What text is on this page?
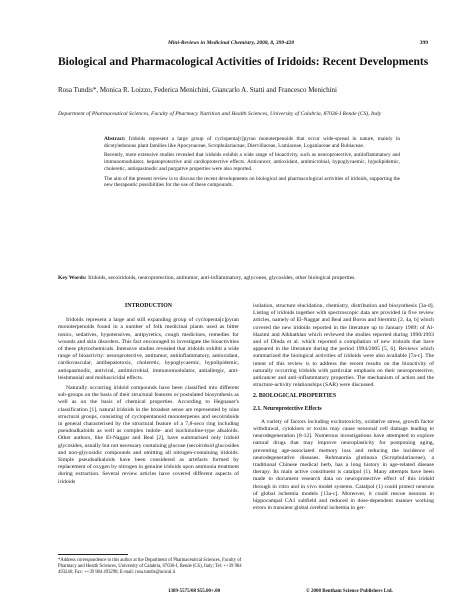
Mini-Reviews in Medicinal Chemistry, 2008, 8, 399-420	399
Biological and Pharmacological Activities of Iridoids: Recent Developments
Rosa Tundis*, Monica R. Loizzo, Federica Menichini, Giancarlo A. Statti and Francesco Menichini
Department of Pharmaceutical Sciences, Faculty of Pharmacy Nutrition and Health Sciences, University of Calabria, 87036-I Rende (CS), Italy

Abstract: Iridoids represent a large group of cyclopenta[c]pyran monoterpenoids that occur wide-spread in nature, mainly in dicotyledonous plant families like Apocynaceae, Scrophulariaceae, Diervillaceae, Lamiaceae, Loganiaceae and Rubiaceae.

Recently, more extensive studies revealed that iridoids exhibit a wide range of bioactivity, such as neuroprotective, antiinflammatory and immunomodulator, hepatoprotective and cardioprotective effects. Anticancer, antioxidant, antimicrobial, hypoglycaemic, hypolipidemic, choleretic, antispasmodic and purgative properties were also reported.

The aim of the present review is to discuss the recent developments on biological and pharmacological activities of iridoids, supporting the new therapeutic possibilities for the use of these compounds.

Key Words: Iridoids, secoiridoids, neuroprotection, antitumor, anti-inflammatory, aglycones, glycosides, other biological properties.

INTRODUCTION

Iridoids represent a large and still expanding group of cyclopenta[c]pyran monoterpenoids found in a number of folk medicinal plants used as bitter tonics, sedatives, hypotensives, antipyretics, cough medicines, remedies for wounds and skin disorders. This fact encouraged to investigate the bioactivities of these phytochemicals. Intensive studies revealed that iridoids exhibit a wide range of bioactivity: neuroprotective, antitumor, antiinflammatory, antioxidant, cardiovascular, antihepatotoxic, choleretic, hypoglycaemic, hypolipidemic, antispasmodic, antiviral, antimicrobial, immunomodulator, antiallergic, anti-leishmanial and molluscicidal effects.

Naturally occurring iridoid compounds have been classified into different sub-groups on the basis of their structural features or postulated biosynthesis as well as on the basis of chemical properties. According to Hegnauer's classification [1], natural iridoids in the broadest sense are represented by nine structural groups, consisting of cyclopentanoid monoterpenes and secoiridoids in general characterised by the structural feature of a 7,8-seco ring including pseudoalkaloids as well as complex indole- and isochinoline-type alkaloids. Other authors, like El-Naggar and Beal [2], have summarised only iridoid glycosides, usually but not necessary containing glucose (secoiridoid glucosides and non-glycosidic compounds and omitting all nitrogen-containing iridoids. Simple pseudoalkaloids have been considered as artefacts formed by replacement of oxygen by nitrogen in genuine iridoids upon ammonia treatment during extraction. Several review articles have covered different aspects of iridoids

isolation, structure elucidation, chemistry, distribution and biosynthesis [3a-d]. Listing of iridoids together with spectroscopic data are provided in five review articles, namely of El-Naggar and Beal and Boros and Stermitz [2, 4a, b] which covered the new iridoids reported in the literature up to January 1989; of Al-Hazimi and Alkhathlan which reviewed the studies reported during 1990/1993 and of Dinda et al. which reported a compilation of new iridoids that have appeared in the literature during the period 1994/2005 [5, 6]. Reviews which summarized the biological activities of iridoids were also available [7a-c]. The intent of this review is to address the recent results on the bioactivity of naturally occurring iridoids with particular emphasis on their neuroprotective, anticancer and anti-inflammatory properties. The mechanism of action and the structure-activity relationships (SAR) were discussed.

2. BIOLOGICAL PROPERTIES
2.1. Neuroprotective Effects

A variety of factors including excitotoxicity, oxidative stress, growth factor withdrawal, cytokines or toxins may cause neuronal cell damage leading to neurodegeneration [8-12]. Numerous investigations have attempted to explore natural drugs that may improve neuroplasticity for postponing aging, preventing age-associated memory loss and reducing the incidence of neurodegenerative diseases. Rehmannia glutinosa (Scrophulariaceae), a traditional Chinese medical herb, has a long history in age-related disease therapy. Its main active constituent is catalpol (1). Many attempts have been made to document research data on neuroprotective effect of this iridoid through in vitro and in vivo model systems. Catalpol (1) could protect neurons of global ischemia models [13a-c]. Moreover, it could rescue neurons in hippocampal CA1 subfield and reduced in dose-dependent manner working errors in transient global cerebral ischemia in ger-

*Address correspondence to this author at the Department of Pharmaceutical Sciences, Faculty of Pharmacy and Health Sciences, University of Calabria, 87036-I, Rende (CS), Italy; Tel: ++39 984 493246; Fax: ++39 984 493298; E-mail: rosa.tundis@unical.it
1389-5575/08 $55.00+.00	© 2008 Bentham Science Publishers Ltd.
